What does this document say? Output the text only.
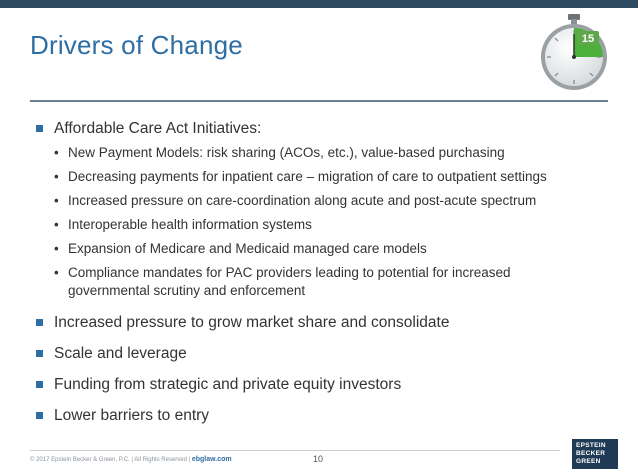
Drivers of Change	15
Affordable Care Act Initiatives:
• New Payment Models: risk sharing (ACOs, etc.), value-based purchasing
• Decreasing payments for inpatient care – migration of care to outpatient settings
• Increased pressure on care-coordination along acute and post-acute spectrum
• Interoperable health information systems
• Expansion of Medicare and Medicaid managed care models
• Compliance mandates for PAC providers leading to potential for increased governmental scrutiny and enforcement
Increased pressure to grow market share and consolidate
Scale and leverage
Funding from strategic and private equity investors
Lower barriers to entry
© 2017 Epstein Becker & Green, P.C. | All Rights Reserved | ebglaw.com	10
EPSTEIN
BECKER
GREEN
